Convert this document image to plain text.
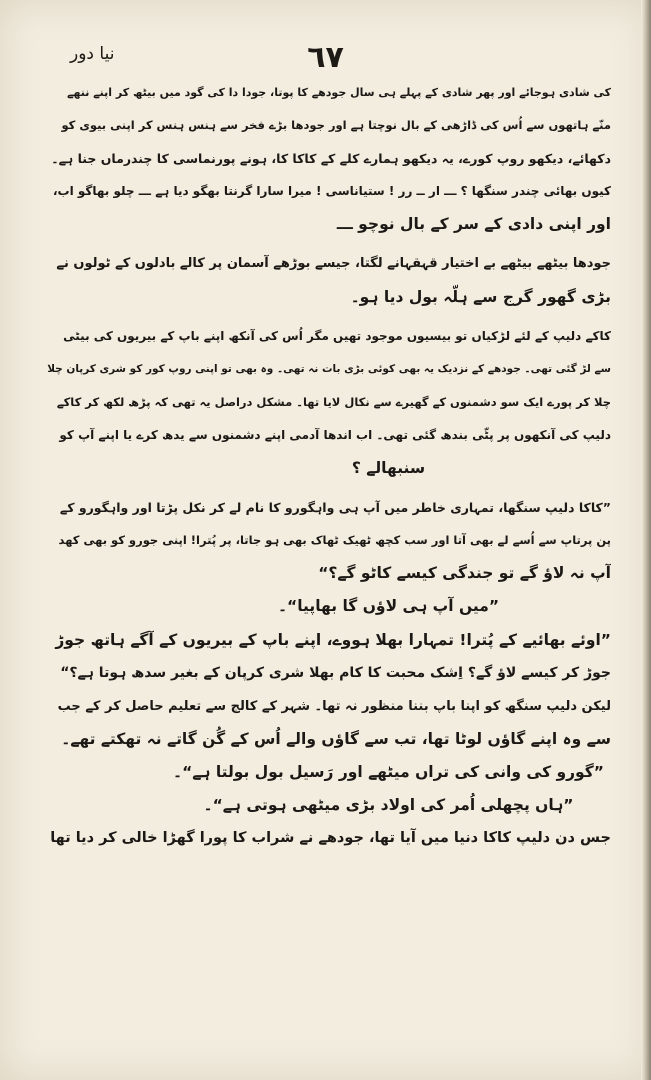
نیا دور	٦٧
کی شادی ہوجائے اور پھر شادی کے پہلے ہی سال جودھے کا پوتا، جودا دا کی گود میں بیٹھ کر اپنے ننھے
منّے ہاتھوں سے اُس کی ڈاڑھی کے بال نوچتا ہے اور جودھا بڑے فخر سے ہنس ہنس کر اپنی بیوی کو
دکھائے، دیکھو روپ کورے، یہ دیکھو ہمارے کلے کے کاکا کا، ہونے پورنماسی کا چندرماں جنا ہے۔
کیوں بھائی چندر سنگھا ؟ ـــ ار ــ رر ! ستیاناسی ! میرا سارا گرنتا بھگو دیا ہے ـــ چلو بھاگو اب،
اور اپنی دادی کے سر کے بال نوچو ـــ
جودھا بیٹھے بیٹھے بے اختیار قہقہانے لگتا، جیسے بوڑھے آسمان پر کالے بادلوں کے ٹولوں نے
بڑی گھور گرج سے ہلّہ بول دیا ہو۔
کاکے دلیپ کے لئے لڑکیاں تو بیسیوں موجود تھیں مگر اُس کی آنکھ اپنے باپ کے بیریوں کی بیٹی
سے لڑ گئی تھی۔ جودھے کے نزدیک یہ بھی کوئی بڑی بات نہ تھی۔ وہ بھی تو اپنی روپ کور کو شری کرپان چلا
چلا کر پورے ایک سو دشمنوں کے گھیرے سے نکال لایا تھا۔ مشکل دراصل یہ تھی کہ پڑھ لکھ کر کاکے
دلیپ کی آنکھوں پر پٹّی بندھ گئی تھی۔ اب اندھا آدمی اپنے دشمنوں سے یدھ کرے یا اپنے آپ کو
سنبھالے ؟
”کاکا دلیپ سنگھا، تمہاری خاطر میں آپ ہی واہگورو کا نام لے کر نکل پڑتا اور واہگورو کے
پن پرتاپ سے اُسے لے بھی آتا اور سب کچھ ٹھیک ٹھاک بھی ہو جاتا، پر پُترا! اپنی جورو کو بھی کھد
آپ نہ لاؤ گے تو جندگی کیسے کاٹو گے؟“
”میں آپ ہی لاؤں گا بھاپیا“۔
”اوئے بھائیے کے پُترا! تمہارا بھلا ہووے، اپنے باپ کے بیریوں کے آگے ہاتھ جوڑ
جوڑ کر کیسے لاؤ گے؟ اِشک محبت کا کام بھلا شری کرپان کے بغیر سدھ ہوتا ہے؟“
لیکن دلیپ سنگھ کو اپنا باپ بننا منظور نہ تھا۔ شہر کے کالج سے تعلیم حاصل کر کے جب
سے وہ اپنے گاؤں لوٹا تھا، تب سے گاؤں والے اُس کے گُن گاتے نہ تھکتے تھے۔
”گورو کی وانی کی تراں میٹھے اور رَسیل بول بولتا ہے“۔
”ہاں پچھلی اُمر کی اولاد بڑی میٹھی ہوتی ہے“۔
جس دن دلیپ کاکا دنیا میں آیا تھا، جودھے نے شراب کا پورا گھڑا خالی کر دیا تھا
